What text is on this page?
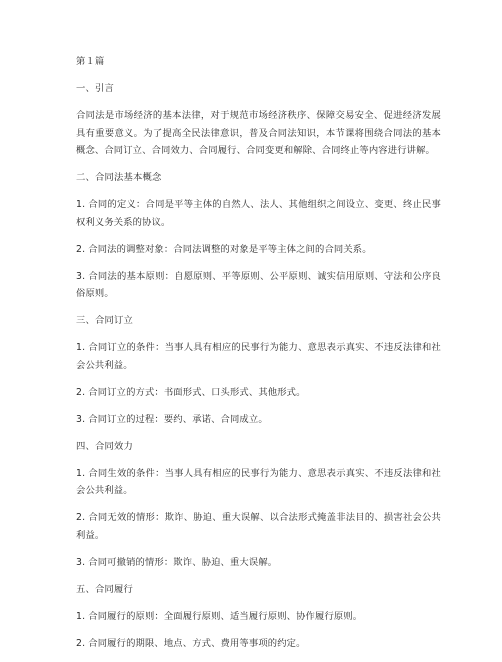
第１篇

一、引言

合同法是市场经济的基本法律，对于规范市场经济秩序、保障交易安全、促进经济发展具有重要意义。为了提高全民法律意识，普及合同法知识，本节课将围绕合同法的基本概念、合同订立、合同效力、合同履行、合同变更和解除、合同终止等内容进行讲解。

二、合同法基本概念

1. 合同的定义：合同是平等主体的自然人、法人、其他组织之间设立、变更、终止民事权利义务关系的协议。

2. 合同法的调整对象：合同法调整的对象是平等主体之间的合同关系。

3. 合同法的基本原则：自愿原则、平等原则、公平原则、诚实信用原则、守法和公序良俗原则。

三、合同订立

1. 合同订立的条件：当事人具有相应的民事行为能力、意思表示真实、不违反法律和社会公共利益。

2. 合同订立的方式：书面形式、口头形式、其他形式。

3. 合同订立的过程：要约、承诺、合同成立。

四、合同效力

1. 合同生效的条件：当事人具有相应的民事行为能力、意思表示真实、不违反法律和社会公共利益。

2. 合同无效的情形：欺诈、胁迫、重大误解、以合法形式掩盖非法目的、损害社会公共利益。

3. 合同可撤销的情形：欺诈、胁迫、重大误解。

五、合同履行

1. 合同履行的原则：全面履行原则、适当履行原则、协作履行原则。

2. 合同履行的期限、地点、方式、费用等事项的约定。
